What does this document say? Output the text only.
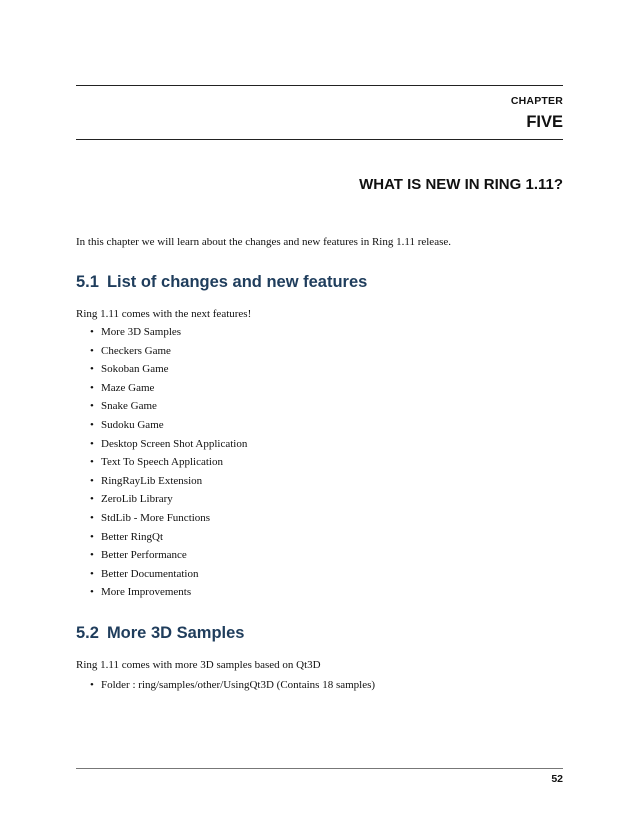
CHAPTER
FIVE
WHAT IS NEW IN RING 1.11?
In this chapter we will learn about the changes and new features in Ring 1.11 release.
5.1 List of changes and new features
Ring 1.11 comes with the next features!
• More 3D Samples
• Checkers Game
• Sokoban Game
• Maze Game
• Snake Game
• Sudoku Game
• Desktop Screen Shot Application
• Text To Speech Application
• RingRayLib Extension
• ZeroLib Library
• StdLib - More Functions
• Better RingQt
• Better Performance
• Better Documentation
• More Improvements
5.2 More 3D Samples
Ring 1.11 comes with more 3D samples based on Qt3D
• Folder : ring/samples/other/UsingQt3D (Contains 18 samples)
52
